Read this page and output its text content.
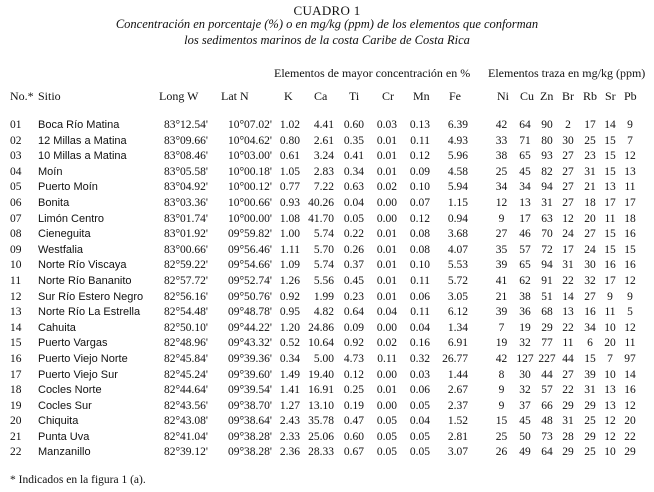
CUADRO 1
Concentración en porcentaje (%) o en mg/kg (ppm) de los elementos que conforman
los sedimentos marinos de la costa Caribe de Costa Rica
Elementos de mayor concentración en % Elementos traza en mg/kg (ppm)
No.* Sitio	Long W Lat N	K Ca Ti Cr Mn Fe	Ni Cu Zn Br Rb Sr Pb
01	Boca Río Matina	83°12.54'	10°07.02' 1.02	4.41 0.60	0.03	0.13	6.39	42	64 90	2	17 14 9
02	12 Millas a Matina	83°09.66'	10°04.62' 0.80	2.61 0.35	0.01	0.11	4.93	33	71 80 30 25 15 7
03	10 Millas a Matina	83°08.46'	10°03.00' 0.61	3.24 0.41	0.01	0.12	5.96	38	65 93 27 23 15 12
04	Moín	83°05.58'	10°00.18' 1.05	2.83 0.34	0.01	0.09	4.58	25	45 82 27 31 15 13
05	Puerto Moín	83°04.92'	10°00.12' 0.77	7.22 0.63	0.02	0.10	5.94	34	34 94 27 21 13 11
06	Bonita	83°03.36'	10°00.66' 0.93 40.26 0.04	0.00	0.07	1.15	12	13 31 27 18 17 17
07	Limón Centro	83°01.74'	10°00.00' 1.08 41.70 0.05	0.00	0.12	0.94	9	17 63 12 20 11 18
08	Cieneguita	83°01.92'	09°59.82' 1.00	5.74 0.22	0.01	0.08	3.68	27	46 70 24 27 15 16
09	Westfalia	83°00.66'	09°56.46' 1.11	5.70 0.26	0.01	0.08	4.07	35	57 72 17 24 15 15
10	Norte Río Viscaya	82°59.22'	09°54.66' 1.09	5.74 0.37	0.01	0.10	5.53	39	65 94 31 30 16 16
11	Norte Río Bananito	82°57.72'	09°52.74' 1.26	5.56 0.45	0.01	0.11	5.72	41	62 91 22 32 17 12
12	Sur Río Estero Negro	82°56.16'	09°50.76' 0.92	1.99 0.23	0.01	0.06	3.05	21	38 51 14 27 9	9
13	Norte Río La Estrella	82°54.48'	09°48.78' 0.95	4.82 0.64	0.04	0.11	6.12	39	36 68 13 16 11	5
14	Cahuita	82°50.10'	09°44.22' 1.20 24.86 0.09	0.00	0.04	1.34	7	19 29 22 34 10 12
15	Puerto Vargas	82°48.96'	09°43.32' 0.52 10.64 0.92	0.02	0.16	6.91	19	32 77 11	6 20 11
16	Puerto Viejo Norte	82°45.84'	09°39.36' 0.34	5.00 4.73	0.11	0.32	26.77	42 127 227 44 15 7 97
17	Puerto Viejo Sur	82°45.24'	09°39.60' 1.49 19.40 0.12	0.00	0.03	1.44	8	30 44 27 39 10 14
18	Cocles Norte	82°44.64'	09°39.54' 1.41 16.91 0.25	0.01	0.06	2.67	9	32 57 22 31 13 16
19	Cocles Sur	82°43.56'	09°38.70' 1.27 13.10 0.19	0.00	0.05	2.37	9	37 66 29 29 13 12
20	Chiquita	82°43.08'	09°38.64' 2.43 35.78 0.47	0.05	0.04	1.52	15	45 48 31 25 12 20
21	Punta Uva	82°41.04'	09°38.28' 2.33 25.06 0.60	0.05	0.05	2.81	25	50 73 28 29 12 22
22	Manzanillo	82°39.12'	09°38.28' 2.36 28.33 0.67	0.05	0.05	3.07	26	49 64 29 25 10 29
* Indicados en la figura 1 (a).
